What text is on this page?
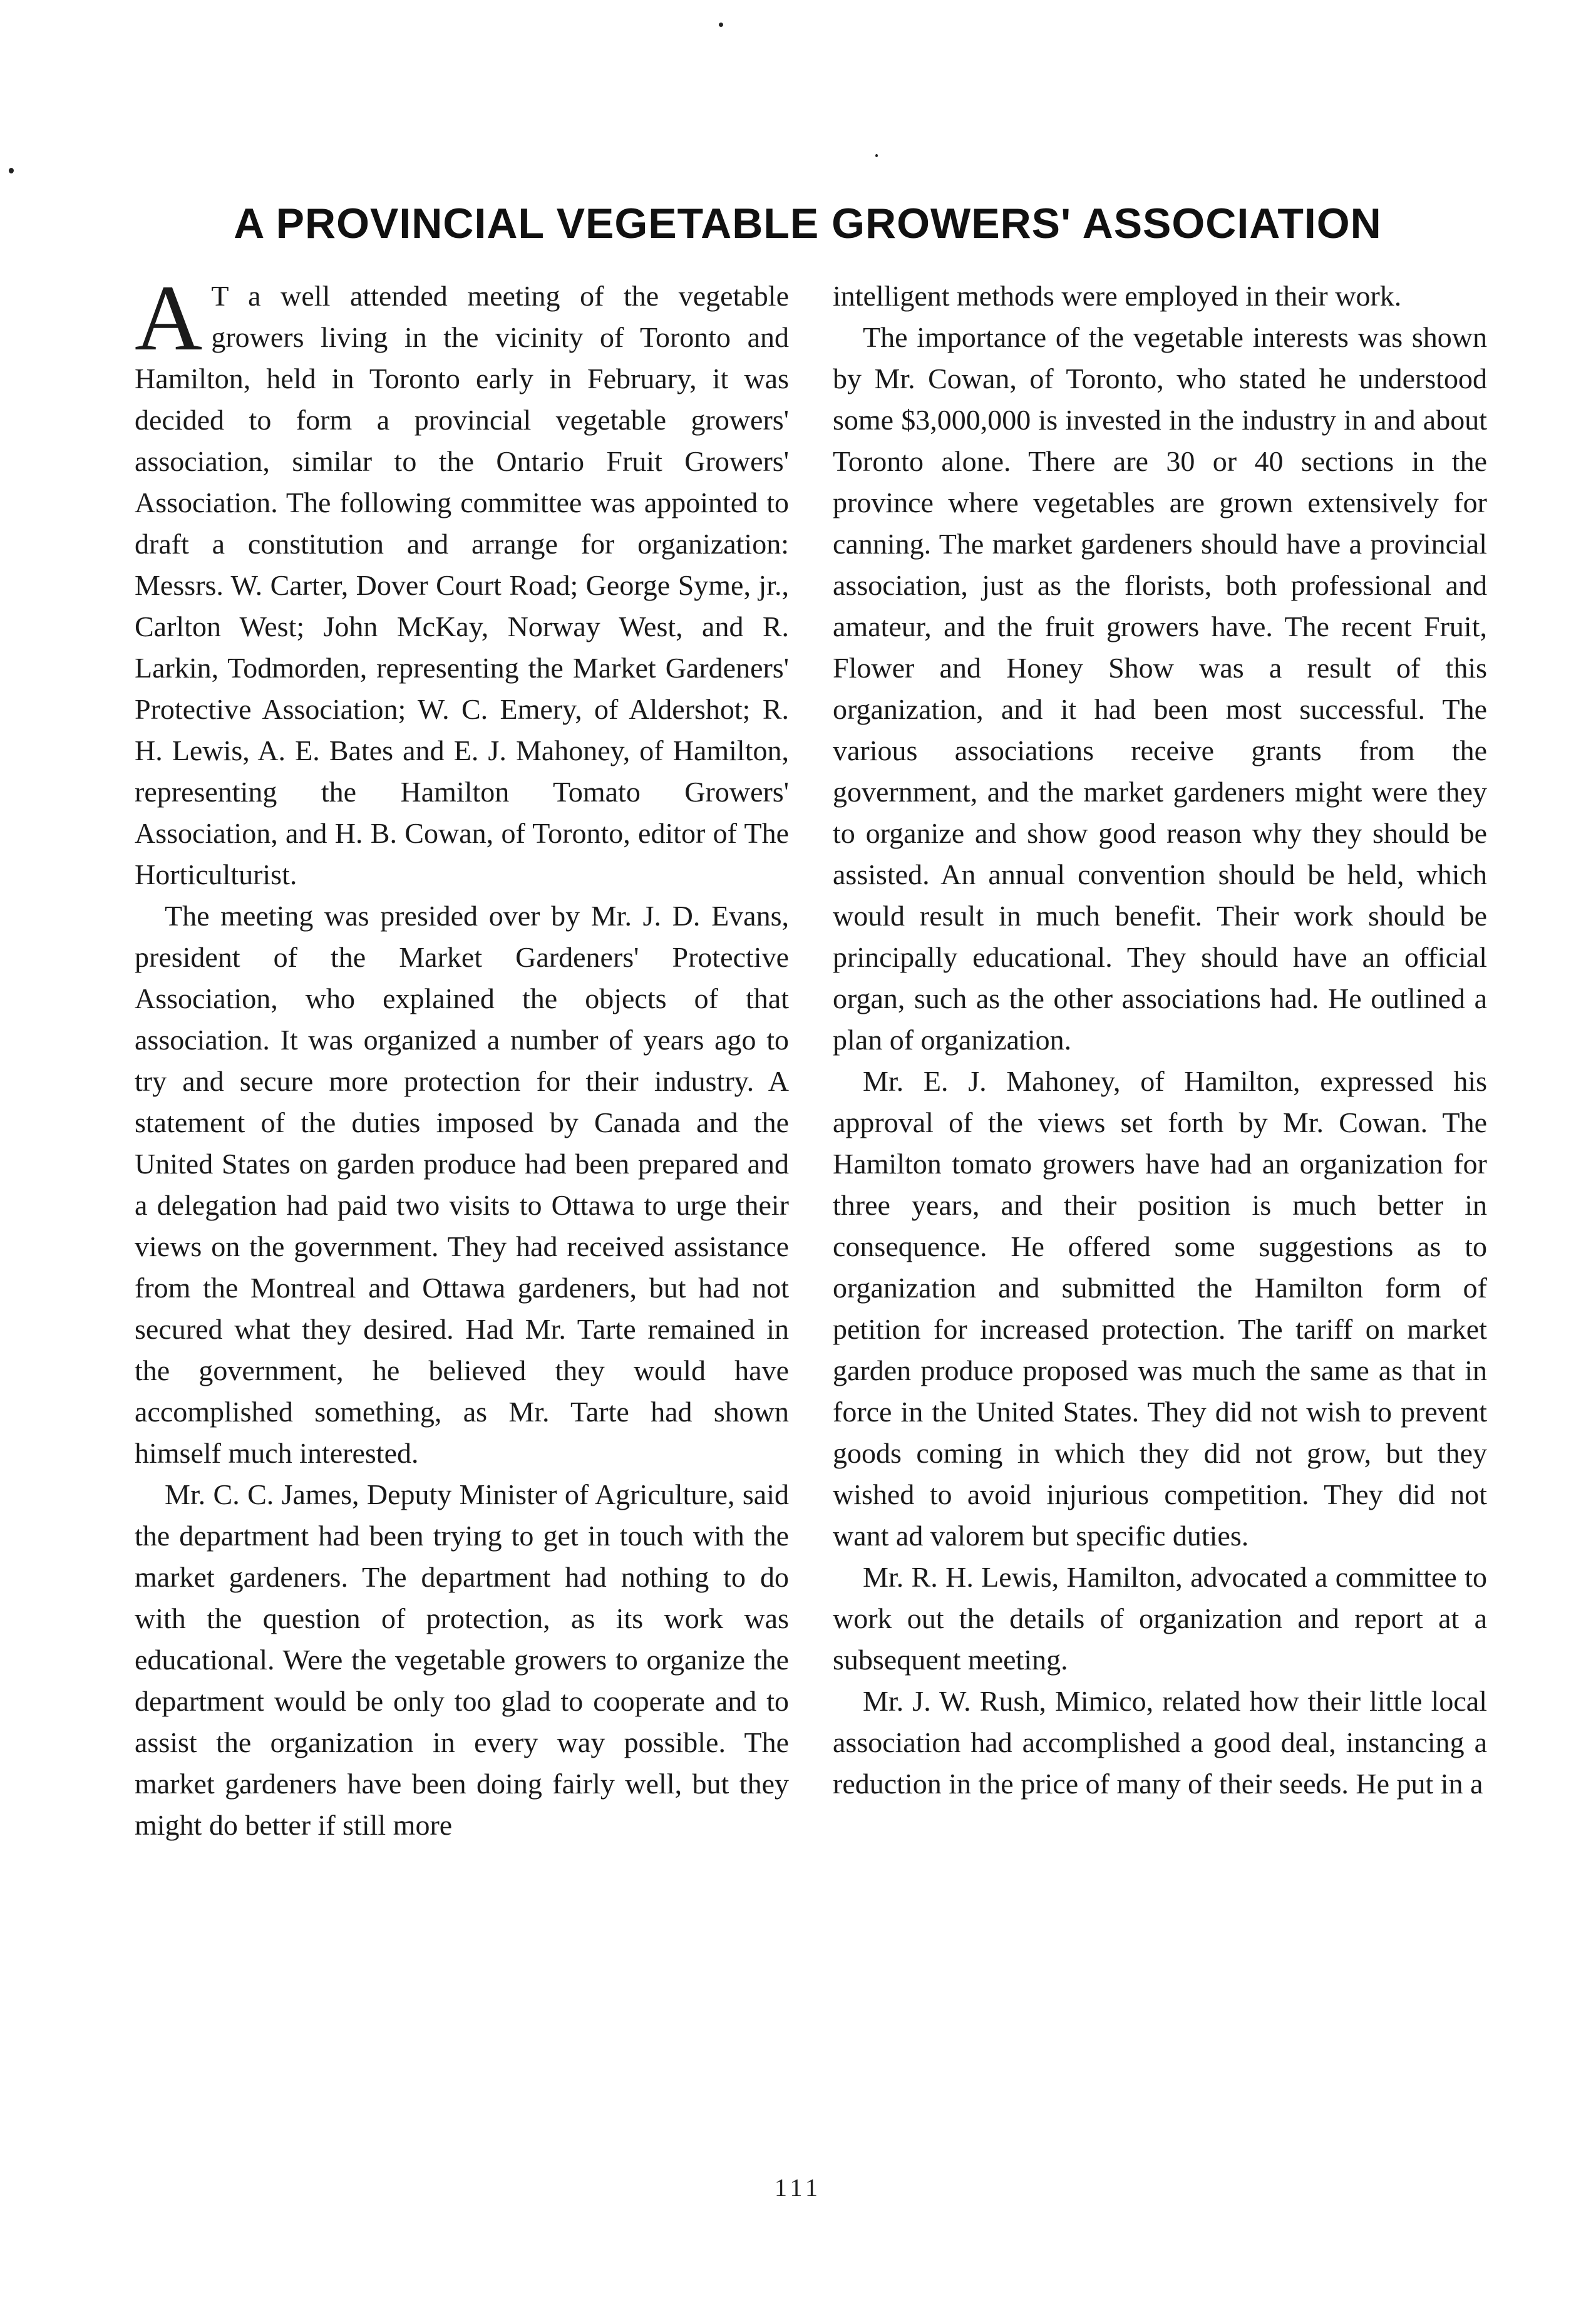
A PROVINCIAL VEGETABLE GROWERS' ASSOCIATION

A T a well attended meeting of the vegetable growers living in the vicinity of Toronto and Hamilton, held in Toronto early in February, it was decided to form a provincial vegetable growers' association, similar to the Ontario Fruit Growers' Association. The following committee was appointed to draft a constitution and arrange for organization: Messrs. W. Carter, Dover Court Road; George Syme, jr., Carlton West; John McKay, Norway West, and R. Larkin, Todmorden, representing the Market Gardeners' Protective Association; W. C. Emery, of Aldershot; R. H. Lewis, A. E. Bates and E. J. Mahoney, of Hamilton, representing the Hamilton Tomato Growers' Association, and H. B. Cowan, of Toronto, editor of The Horticulturist.

The meeting was presided over by Mr. J. D. Evans, president of the Market Gardeners' Protective Association, who explained the objects of that association. It was organized a number of years ago to try and secure more protection for their industry. A statement of the duties imposed by Canada and the United States on garden produce had been prepared and a delegation had paid two visits to Ottawa to urge their views on the government. They had received assistance from the Montreal and Ottawa gardeners, but had not secured what they desired. Had Mr. Tarte remained in the government, he believed they would have accomplished something, as Mr. Tarte had shown himself much interested.

Mr. C. C. James, Deputy Minister of Agriculture, said the department had been trying to get in touch with the market gardeners. The department had nothing to do with the question of protection, as its work was educational. Were the vegetable growers to organize the department would be only too glad to cooperate and to assist the organization in every way possible. The market gardeners have been doing fairly well, but they might do better if still more

intelligent methods were employed in their work.

The importance of the vegetable interests was shown by Mr. Cowan, of Toronto, who stated he understood some $3,000,000 is invested in the industry in and about Toronto alone. There are 30 or 40 sections in the province where vegetables are grown extensively for canning. The market gardeners should have a provincial association, just as the florists, both professional and amateur, and the fruit growers have. The recent Fruit, Flower and Honey Show was a result of this organization, and it had been most successful. The various associations receive grants from the government, and the market gardeners might were they to organize and show good reason why they should be assisted. An annual convention should be held, which would result in much benefit. Their work should be principally educational. They should have an official organ, such as the other associations had. He outlined a plan of organization.

Mr. E. J. Mahoney, of Hamilton, expressed his approval of the views set forth by Mr. Cowan. The Hamilton tomato growers have had an organization for three years, and their position is much better in consequence. He offered some suggestions as to organization and submitted the Hamilton form of petition for increased protection. The tariff on market garden produce proposed was much the same as that in force in the United States. They did not wish to prevent goods coming in which they did not grow, but they wished to avoid injurious competition. They did not want ad valorem but specific duties.

Mr. R. H. Lewis, Hamilton, advocated a committee to work out the details of organization and report at a subsequent meeting.

Mr. J. W. Rush, Mimico, related how their little local association had accomplished a good deal, instancing a reduction in the price of many of their seeds. He put in a

111
